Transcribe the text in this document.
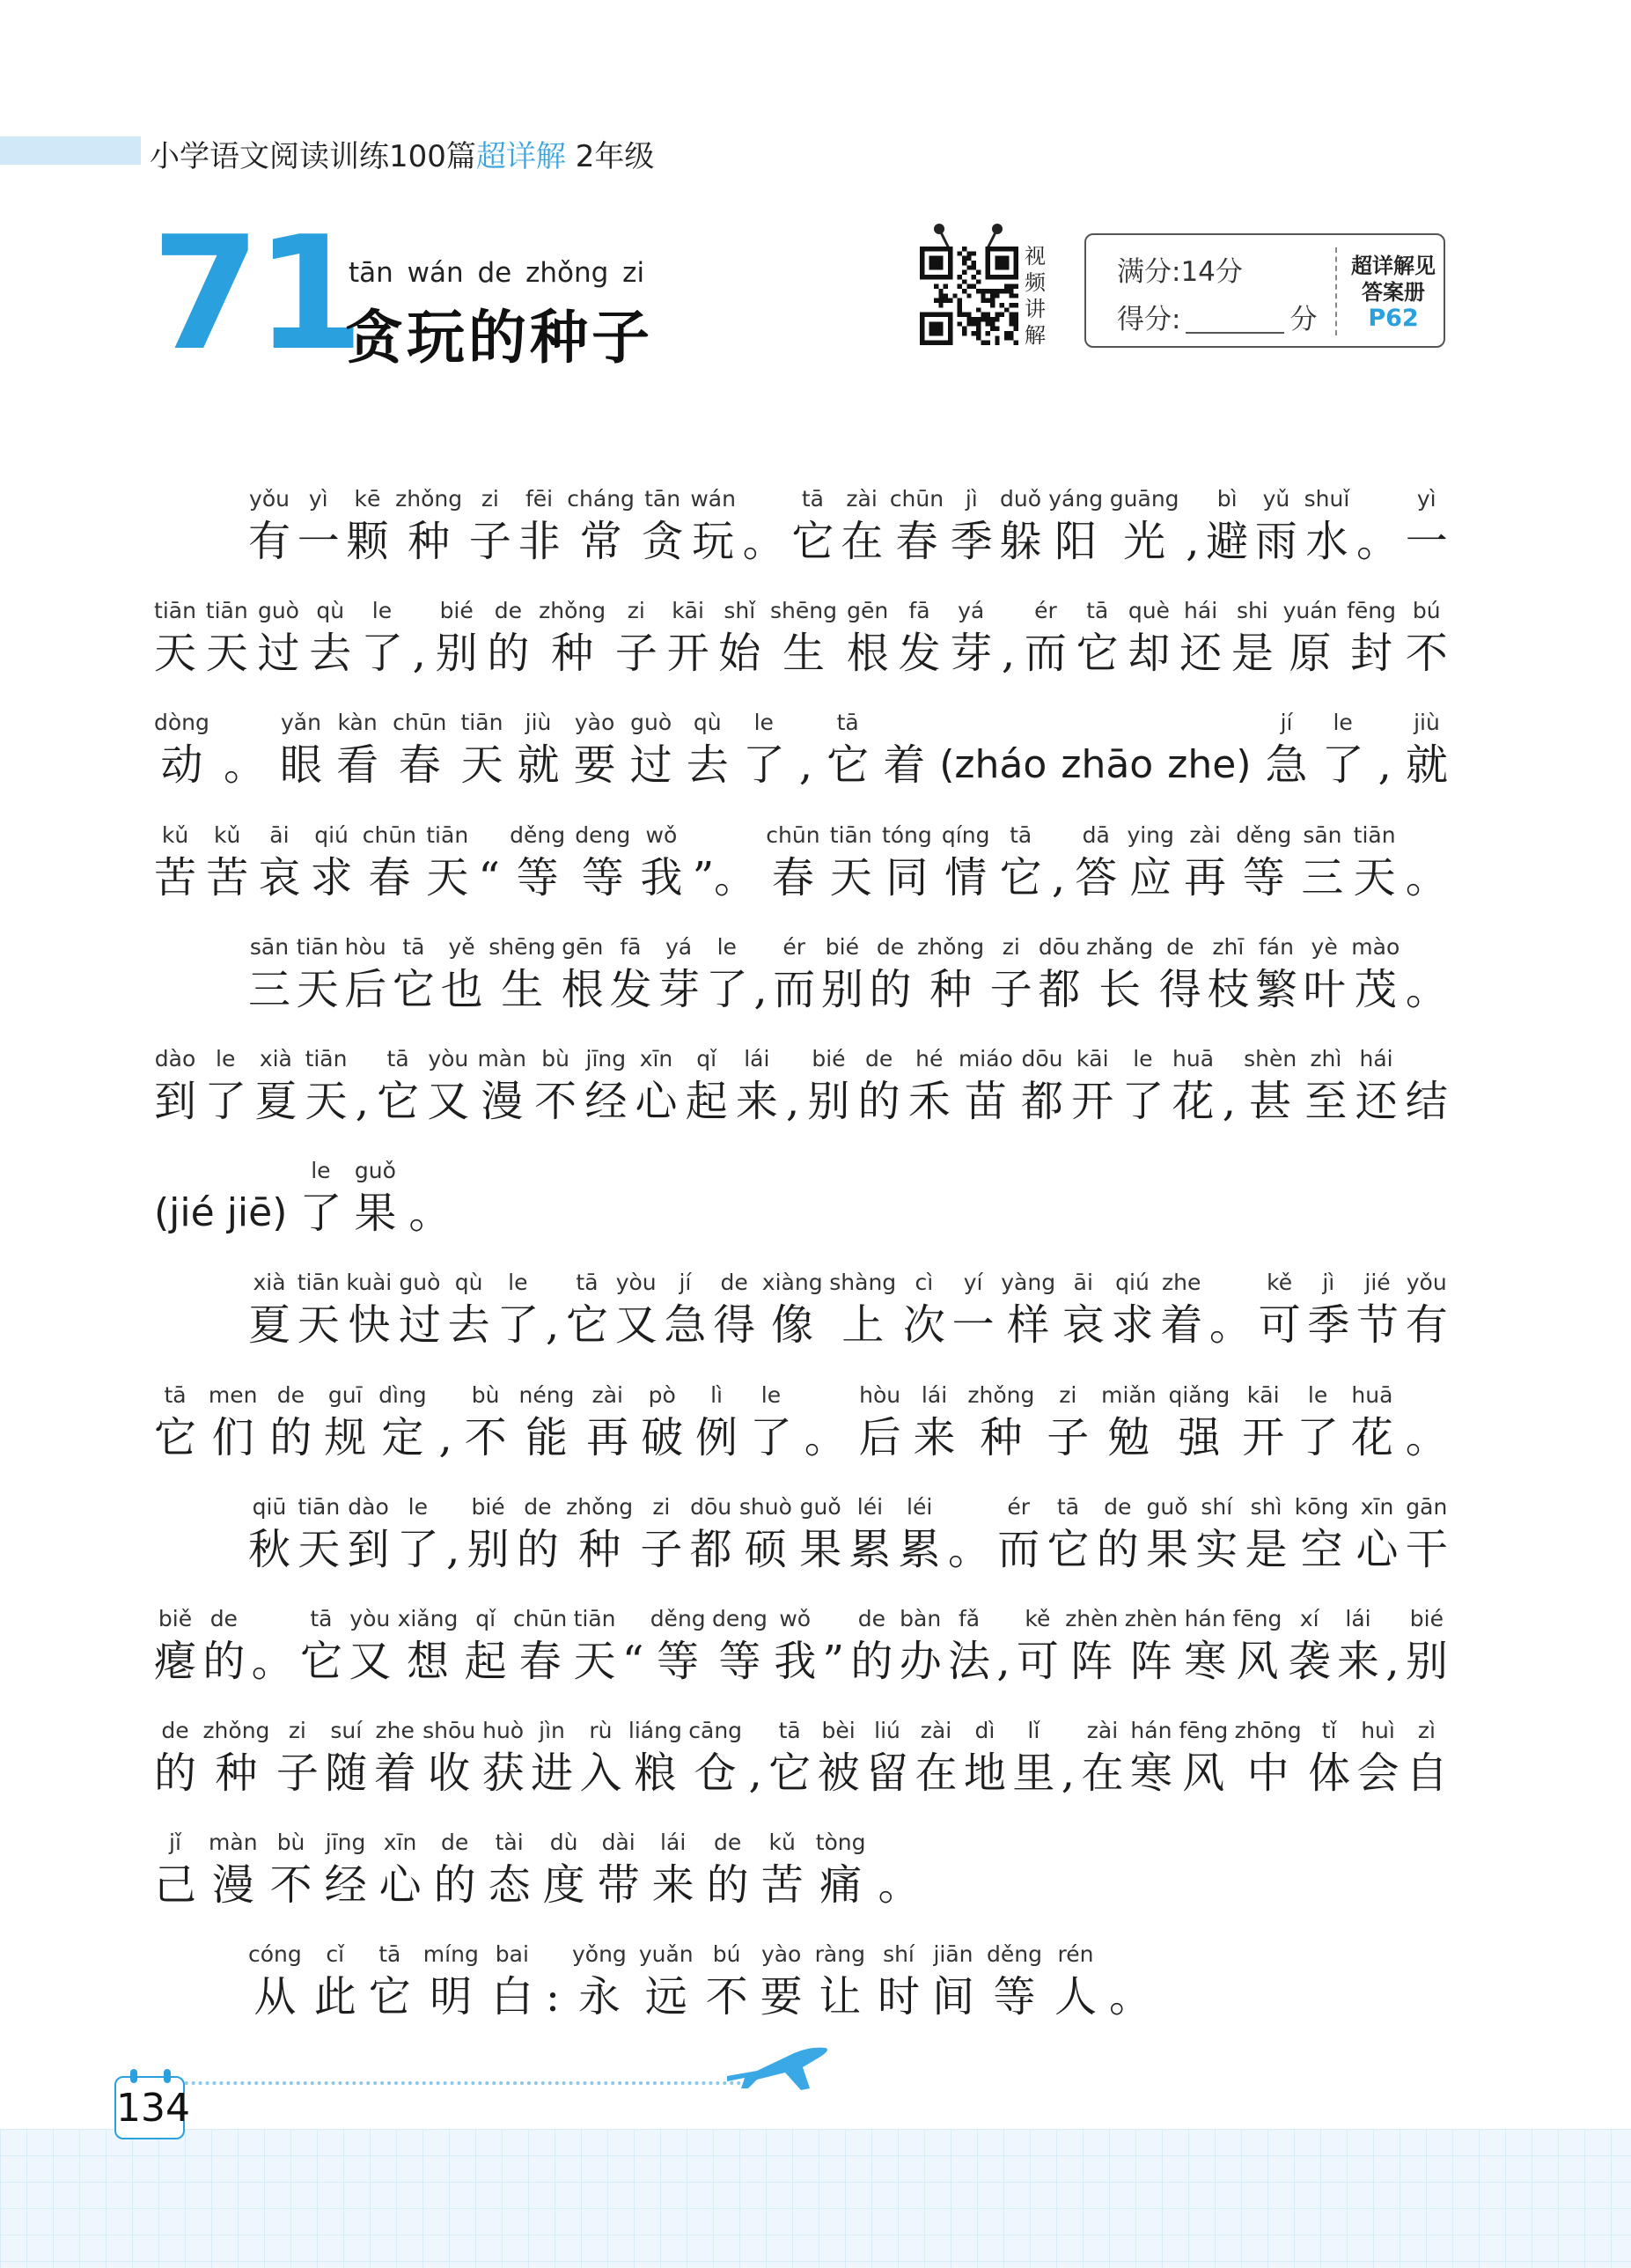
小学语文阅读训练100篇超详解 2年级
71
tān wán de zhǒng zi
贪玩的种子
视
频
讲
解
满分:14分
得分:	分
超详解见
答案册
P62
yǒu
有
yì
一
kē
颗
zhǒng
种
zi
子
fēi
非
cháng
常
tān
贪
wán
玩 。
tā
它
zài
在
chūn
春
jì
季
duǒ
躲
yáng
阳
guāng
光 ,
bì
避
yǔ
雨
shuǐ
水 。
yì
一
tiān
天
tiān
天
guò
过
qù
去
le
了 ,
bié
别
de
的
zhǒng
种
zi
子
kāi
开
shǐ
始
shēng
生
gēn
根
fā
发
yá
芽 ,
ér
而
tā
它
què
却
hái
还
shi
是
yuán
原
fēng
封
bú
不
dòng
动 。
yǎn
眼
kàn
看
chūn
春
tiān
天
jiù
就
yào
要
guò
过
qù
去
le
了 ,
tā
它 着 (zháo zhāo zhe)
jí
急
le
了 ,
jiù
就
kǔ
苦
kǔ
苦
āi
哀
qiú
求
chūn
春
tiān
天 “
děng
等
deng
等
wǒ
我 ”。
chūn
春
tiān
天
tóng
同
qíng
情
tā
它 ,
dā
答
ying
应
zài
再
děng
等
sān
三
tiān
天 。
sān
三
tiān
天
hòu
后
tā
它
yě
也
shēng
生
gēn
根
fā
发
yá
芽
le
了 ,
ér
而
bié
别
de
的
zhǒng
种
zi
子
dōu
都
zhǎng
长
de
得
zhī
枝
fán
繁
yè
叶
mào
茂 。
dào
到
le
了
xià
夏
tiān
天 ,
tā
它
yòu
又
màn
漫
bù
不
jīng
经
xīn
心
qǐ
起
lái
来 ,
bié
别
de
的
hé
禾
miáo
苗
dōu
都
kāi
开
le
了
huā
花 ,
shèn
甚
zhì
至
hái
还 结
(jié jiē)
le
了
guǒ
果 。
xià
夏
tiān
天
kuài
快
guò
过
qù
去
le
了 ,
tā
它
yòu
又
jí
急
de
得
xiàng
像
shàng
上
cì
次
yí
一
yàng
样
āi
哀
qiú
求
zhe
着 。
kě
可
jì
季
jié
节
yǒu
有
tā
它
men
们
de
的
guī
规
dìng
定 ,
bù
不
néng
能
zài
再
pò
破
lì
例
le
了 。
hòu
后
lái
来
zhǒng
种
zi
子
miǎn
勉
qiǎng
强
kāi
开
le
了
huā
花 。
qiū
秋
tiān
天
dào
到
le
了 ,
bié
别
de
的
zhǒng
种
zi
子
dōu
都
shuò
硕
guǒ
果
léi
累
léi
累 。
ér
而
tā
它
de
的
guǒ
果
shí
实
shì
是
kōng
空
xīn
心
gān
干
biě
瘪
de
的 。
tā
它
yòu
又
xiǎng
想
qǐ
起
chūn
春
tiān
天 “
děng
等
deng
等
wǒ
我 ”
de
的
bàn
办
fǎ
法 ,
kě
可
zhèn
阵
zhèn
阵
hán
寒
fēng
风
xí
袭
lái
来 ,
bié
别
de
的
zhǒng
种
zi
子
suí
随
zhe
着
shōu
收
huò
获
jìn
进
rù
入
liáng
粮
cāng
仓 ,
tā
它
bèi
被
liú
留
zài
在
dì
地
lǐ
里 ,
zài
在
hán
寒
fēng
风
zhōng
中
tǐ
体
huì
会
zì
自
jǐ
己
màn
漫
bù
不
jīng
经
xīn
心
de
的
tài
态
dù
度
dài
带
lái
来
de
的
kǔ
苦
tòng
痛 。
cóng
从
cǐ
此
tā
它
míng
明
bai
白 :
yǒng
永
yuǎn
远
bú
不
yào
要
ràng
让
shí
时
jiān
间
děng
等
rén
人 。
134
